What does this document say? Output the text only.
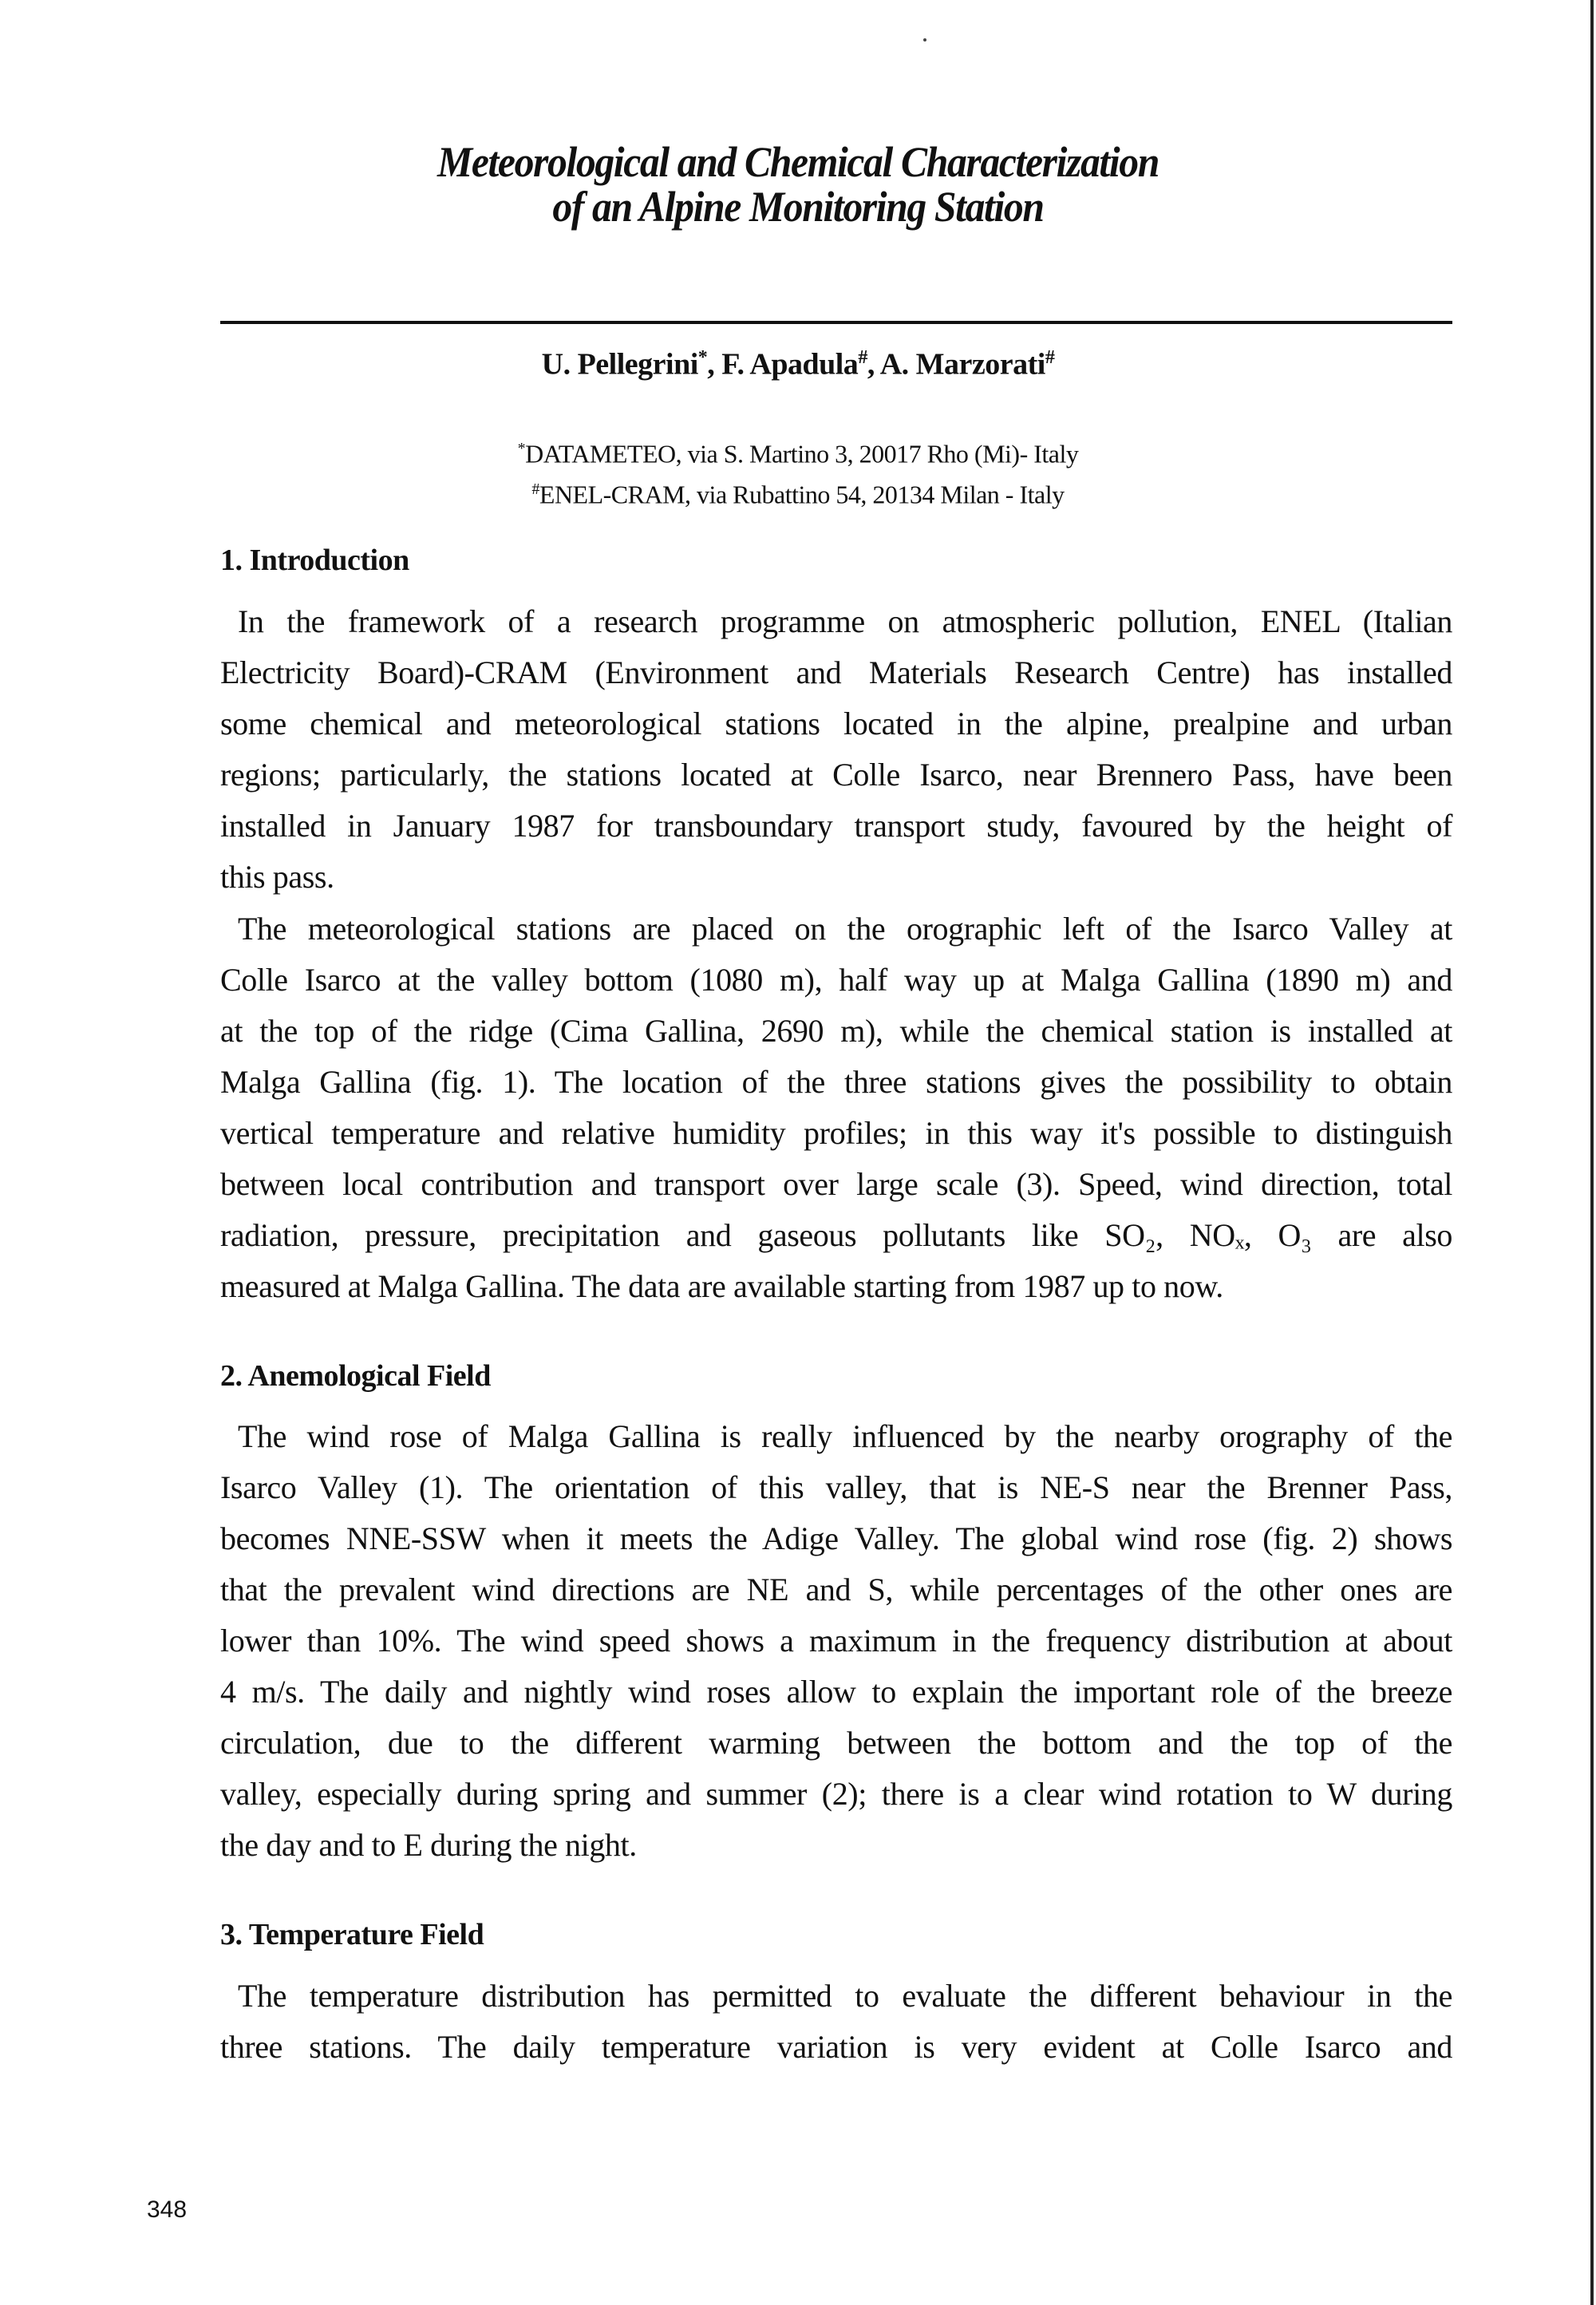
Meteorological and Chemical Characterization
of an Alpine Monitoring Station
U. Pellegrini*, F. Apadula#, A. Marzorati#
*DATAMETEO, via S. Martino 3, 20017 Rho (Mi)- Italy
#ENEL-CRAM, via Rubattino 54, 20134 Milan - Italy
1. Introduction
In the framework of a research programme on atmospheric pollution, ENEL (Italian
Electricity Board)-CRAM (Environment and Materials Research Centre) has installed
some chemical and meteorological stations located in the alpine, prealpine and urban
regions; particularly, the stations located at Colle Isarco, near Brennero Pass, have been
installed in January 1987 for transboundary transport study, favoured by the height of
this pass.
The meteorological stations are placed on the orographic left of the Isarco Valley at
Colle Isarco at the valley bottom (1080 m), half way up at Malga Gallina (1890 m) and
at the top of the ridge (Cima Gallina, 2690 m), while the chemical station is installed at
Malga Gallina (fig. 1). The location of the three stations gives the possibility to obtain
vertical temperature and relative humidity profiles; in this way it's possible to distinguish
between local contribution and transport over large scale (3). Speed, wind direction, total
radiation, pressure, precipitation and gaseous pollutants like SO₂, NOₓ, O₃ are also
measured at Malga Gallina. The data are available starting from 1987 up to now.
2. Anemological Field
The wind rose of Malga Gallina is really influenced by the nearby orography of the
Isarco Valley (1). The orientation of this valley, that is NE-S near the Brenner Pass,
becomes NNE-SSW when it meets the Adige Valley. The global wind rose (fig. 2) shows
that the prevalent wind directions are NE and S, while percentages of the other ones are
lower than 10%. The wind speed shows a maximum in the frequency distribution at about
4 m/s. The daily and nightly wind roses allow to explain the important role of the breeze
circulation, due to the different warming between the bottom and the top of the
valley, especially during spring and summer (2); there is a clear wind rotation to W during
the day and to E during the night.
3. Temperature Field
The temperature distribution has permitted to evaluate the different behaviour in the
three stations. The daily temperature variation is very evident at Colle Isarco and
348
